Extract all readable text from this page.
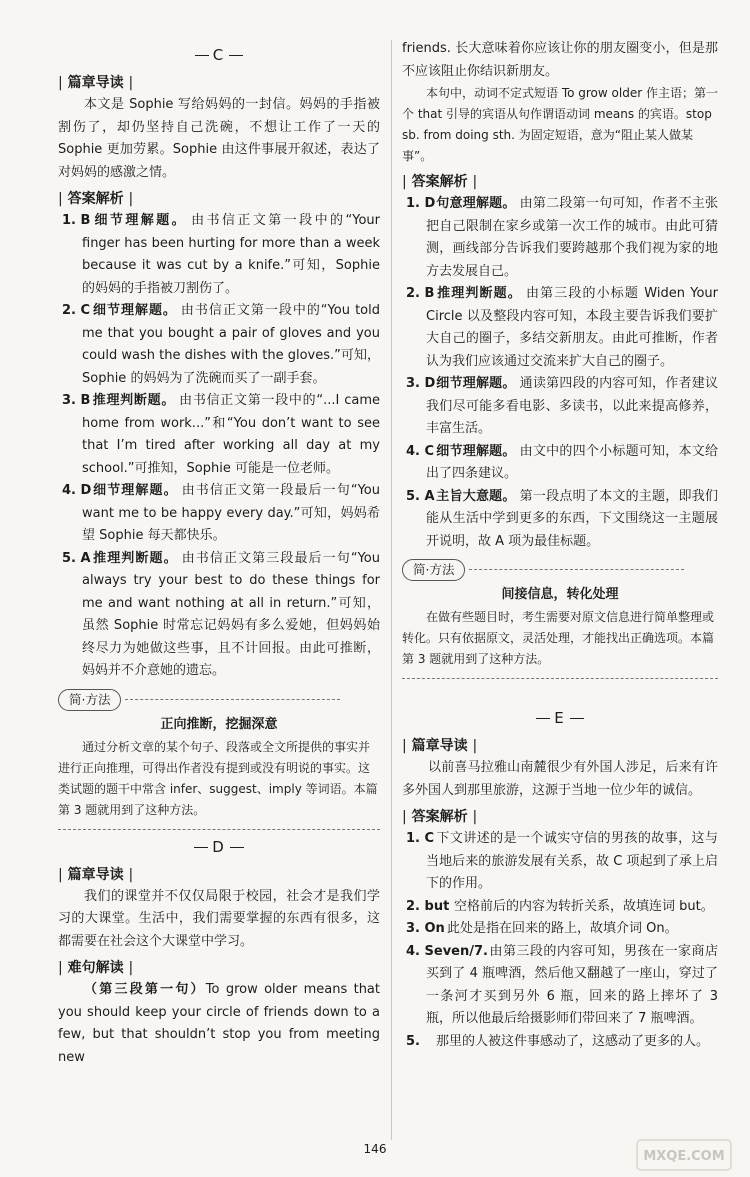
C
| 篇章导读 |

本文是 Sophie 写给妈妈的一封信。妈妈的手指被割伤了，却仍坚持自己洗碗，不想让工作了一天的 Sophie 更加劳累。Sophie 由这件事展开叙述，表达了对妈妈的感激之情。

| 答案解析 |

1. B 细节理解题。 由书信正文第一段中的“Your finger has been hurting for more than a week because it was cut by a knife.”可知，Sophie 的妈妈的手指被刀割伤了。

2. C 细节理解题。 由书信正文第一段中的“You told me that you bought a pair of gloves and you could wash the dishes with the gloves.”可知，Sophie 的妈妈为了洗碗而买了一副手套。

3. B 推理判断题。 由书信正文第一段中的“...I came home from work...”和“You don’t want to see that I’m tired after working all day at my school.”可推知，Sophie 可能是一位老师。

4. D 细节理解题。 由书信正文第一段最后一句“You want me to be happy every day.”可知，妈妈希望 Sophie 每天都快乐。

5. A 推理判断题。 由书信正文第三段最后一句“You always try your best to do these things for me and want nothing at all in return.”可知，虽然 Sophie 时常忘记妈妈有多么爱她，但妈妈始终尽力为她做这些事，且不计回报。由此可推断，妈妈并不介意她的遗忘。

简·方法
正向推断，挖掘深意

通过分析文章的某个句子、段落或全文所提供的事实并进行正向推理，可得出作者没有提到或没有明说的事实。这类试题的题干中常含 infer、suggest、imply 等词语。本篇第 3 题就用到了这种方法。

D
| 篇章导读 |

我们的课堂并不仅仅局限于校园，社会才是我们学习的大课堂。生活中，我们需要掌握的东西有很多，这都需要在社会这个大课堂中学习。

| 难句解读 |

（第三段第一句）To grow older means that you should keep your circle of friends down to a few, but that shouldn’t stop you from meeting new

friends. 长大意味着你应该让你的朋友圈变小，但是那不应该阻止你结识新朋友。

本句中，动词不定式短语 To grow older 作主语；第一个 that 引导的宾语从句作谓语动词 means 的宾语。stop sb. from doing sth. 为固定短语，意为“阻止某人做某事”。

| 答案解析 |

1. D 句意理解题。 由第二段第一句可知，作者不主张把自己限制在家乡或第一次工作的城市。由此可猜测，画线部分告诉我们要跨越那个我们视为家的地方去发展自己。

2. B 推理判断题。 由第三段的小标题 Widen Your Circle 以及整段内容可知，本段主要告诉我们要扩大自己的圈子，多结交新朋友。由此可推断，作者认为我们应该通过交流来扩大自己的圈子。

3. D 细节理解题。 通读第四段的内容可知，作者建议我们尽可能多看电影、多读书，以此来提高修养，丰富生活。

4. C 细节理解题。 由文中的四个小标题可知，本文给出了四条建议。

5. A 主旨大意题。 第一段点明了本文的主题，即我们能从生活中学到更多的东西，下文围绕这一主题展开说明，故 A 项为最佳标题。

简·方法
间接信息，转化处理

在做有些题目时，考生需要对原文信息进行简单整理或转化。只有依据原文，灵活处理，才能找出正确选项。本篇第 3 题就用到了这种方法。

E
| 篇章导读 |

以前喜马拉雅山南麓很少有外国人涉足，后来有许多外国人到那里旅游，这源于当地一位少年的诚信。

| 答案解析 |

1. C 下文讲述的是一个诚实守信的男孩的故事，这与当地后来的旅游发展有关系，故 C 项起到了承上启下的作用。

2. but 空格前后的内容为转折关系，故填连词 but。

3. On 此处是指在回来的路上，故填介词 On。

4. Seven/7. 由第三段的内容可知，男孩在一家商店买到了 4 瓶啤酒，然后他又翻越了一座山，穿过了一条河才买到另外 6 瓶，回来的路上摔坏了 3 瓶，所以他最后给摄影师们带回来了 7 瓶啤酒。

5. 那里的人被这件事感动了，这感动了更多的人。

146	MXQE.COM
